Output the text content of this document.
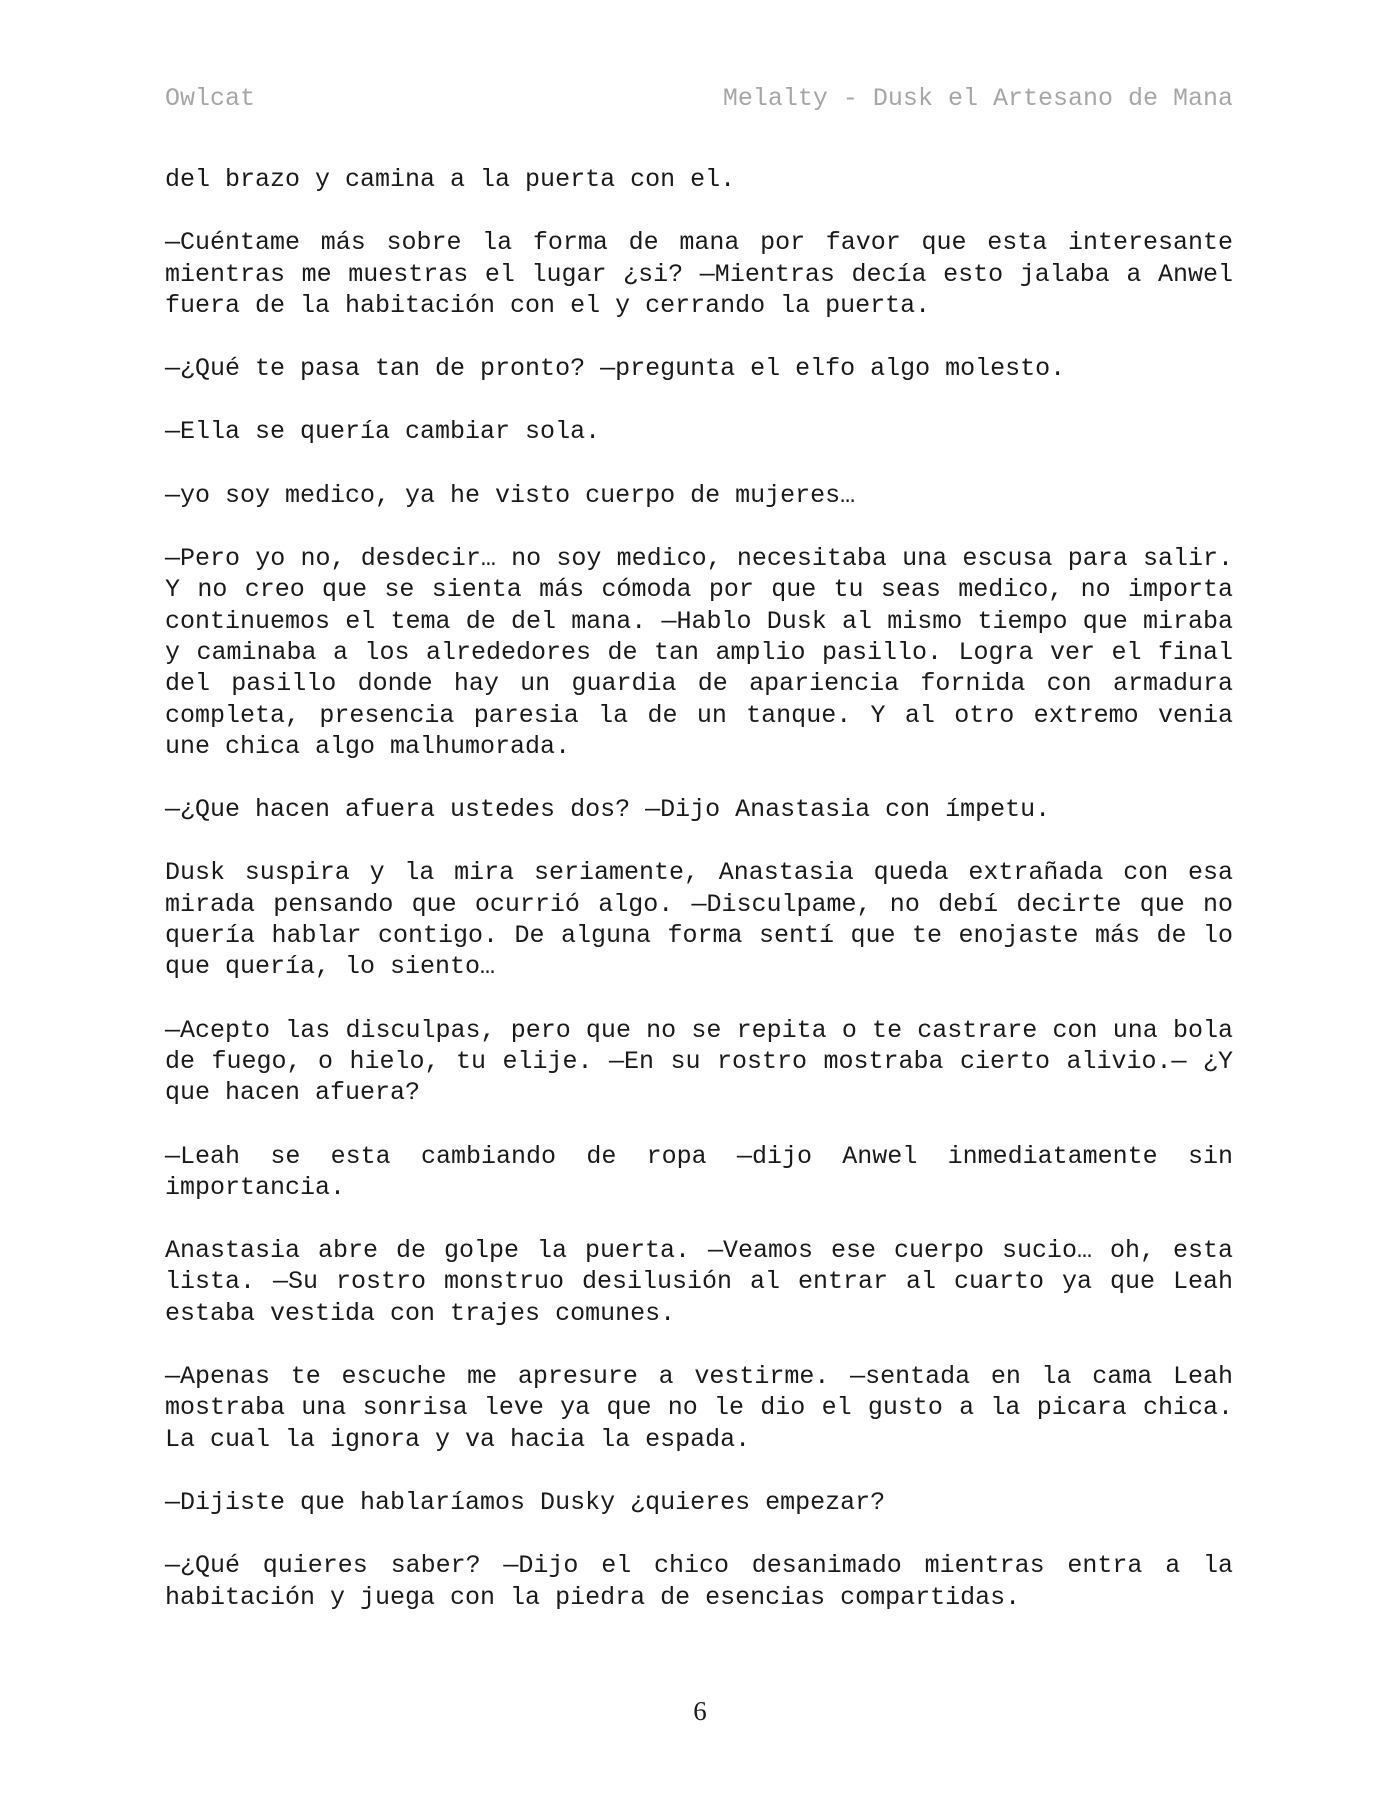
Owlcat	Melalty - Dusk el Artesano de Mana

del brazo y camina a la puerta con el.

—Cuéntame más sobre la forma de mana por favor que esta interesante mientras me muestras el lugar ¿si? —Mientras decía esto jalaba a Anwel fuera de la habitación con el y cerrando la puerta.

—¿Qué te pasa tan de pronto? —pregunta el elfo algo molesto.

—Ella se quería cambiar sola.

—yo soy medico, ya he visto cuerpo de mujeres…

—Pero yo no, desdecir… no soy medico, necesitaba una escusa para salir. Y no creo que se sienta más cómoda por que tu seas medico, no importa continuemos el tema de del mana. —Hablo Dusk al mismo tiempo que miraba y caminaba a los alrededores de tan amplio pasillo. Logra ver el final del pasillo donde hay un guardia de apariencia fornida con armadura completa, presencia paresia la de un tanque. Y al otro extremo venia une chica algo malhumorada.

—¿Que hacen afuera ustedes dos? —Dijo Anastasia con ímpetu.

Dusk suspira y la mira seriamente, Anastasia queda extrañada con esa mirada pensando que ocurrió algo. —Disculpame, no debí decirte que no quería hablar contigo. De alguna forma sentí que te enojaste más de lo que quería, lo siento…

—Acepto las disculpas, pero que no se repita o te castrare con una bola de fuego, o hielo, tu elije. —En su rostro mostraba cierto alivio.— ¿Y que hacen afuera?

—Leah se esta cambiando de ropa —dijo Anwel inmediatamente sin importancia.

Anastasia abre de golpe la puerta. —Veamos ese cuerpo sucio… oh, esta lista. —Su rostro monstruo desilusión al entrar al cuarto ya que Leah estaba vestida con trajes comunes.

—Apenas te escuche me apresure a vestirme. —sentada en la cama Leah mostraba una sonrisa leve ya que no le dio el gusto a la picara chica. La cual la ignora y va hacia la espada.

—Dijiste que hablaríamos Dusky ¿quieres empezar?

—¿Qué quieres saber? —Dijo el chico desanimado mientras entra a la habitación y juega con la piedra de esencias compartidas.

6
